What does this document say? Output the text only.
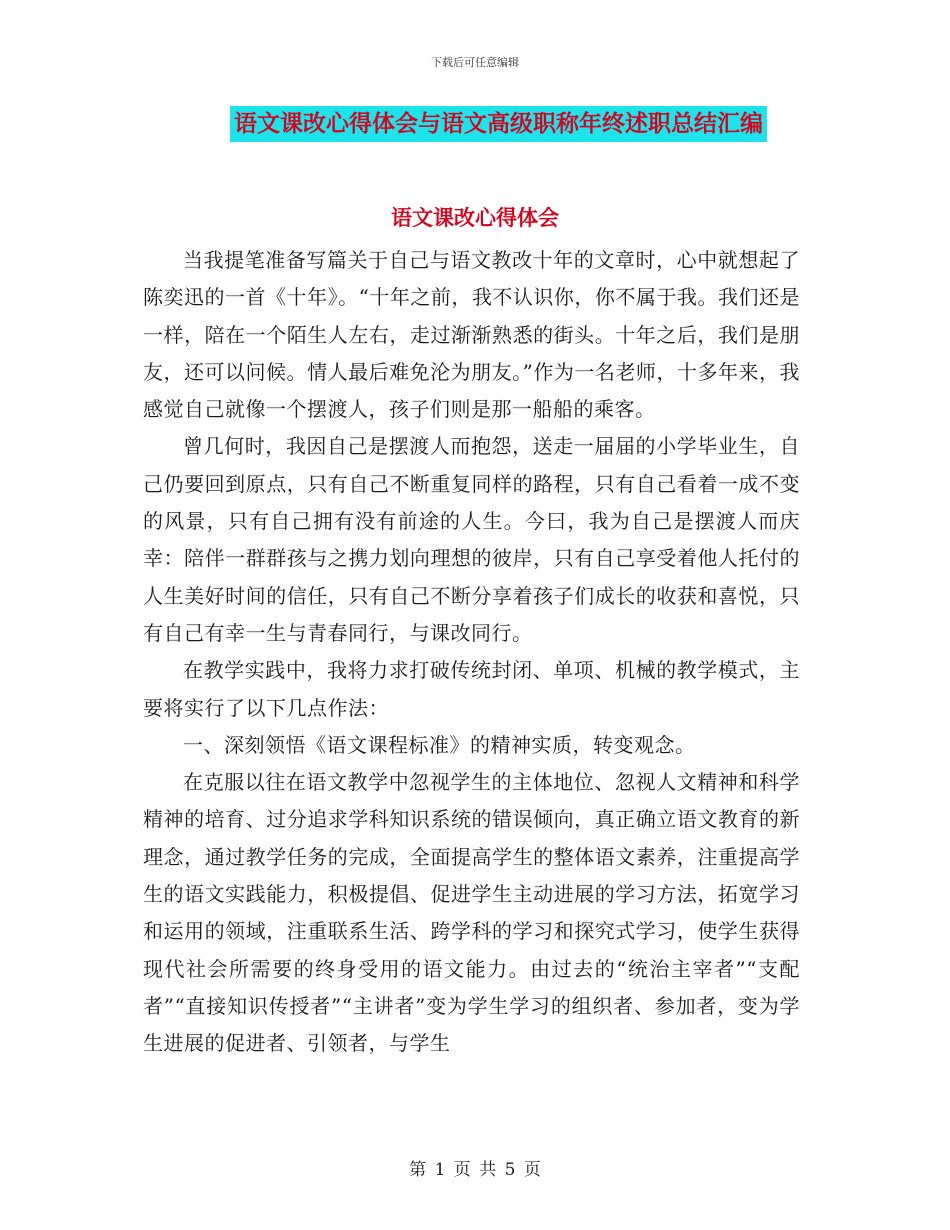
下载后可任意编辑
语文课改心得体会与语文高级职称年终述职总结汇编
语文课改心得体会

当我提笔准备写篇关于自己与语文教改十年的文章时，心中就想起了陈奕迅的一首《十年》。“十年之前，我不认识你，你不属于我。我们还是一样，陪在一个陌生人左右，走过渐渐熟悉的街头。十年之后，我们是朋友，还可以问候。情人最后难免沦为朋友。”作为一名老师，十多年来，我感觉自己就像一个摆渡人，孩子们则是那一船船的乘客。

曾几何时，我因自己是摆渡人而抱怨，送走一届届的小学毕业生，自己仍要回到原点，只有自己不断重复同样的路程，只有自己看着一成不变的风景，只有自己拥有没有前途的人生。今曰，我为自己是摆渡人而庆幸：陪伴一群群孩与之携力划向理想的彼岸，只有自己享受着他人托付的人生美好时间的信任，只有自己不断分享着孩子们成长的收获和喜悦，只有自己有幸一生与青春同行，与课改同行。

在教学实践中，我将力求打破传统封闭、单项、机械的教学模式，主要将实行了以下几点作法：

一、深刻领悟《语文课程标准》的精神实质，转变观念。

在克服以往在语文教学中忽视学生的主体地位、忽视人文精神和科学精神的培育、过分追求学科知识系统的错误倾向，真正确立语文教育的新理念，通过教学任务的完成，全面提高学生的整体语文素养，注重提高学生的语文实践能力，积极提倡、促进学生主动进展的学习方法，拓宽学习和运用的领域，注重联系生活、跨学科的学习和探究式学习，使学生获得现代社会所需要的终身受用的语文能力。由过去的“统治主宰者”“支配者”“直接知识传授者”“主讲者”变为学生学习的组织者、参加者，变为学生进展的促进者、引领者，与学生

第 1 页 共 5 页
